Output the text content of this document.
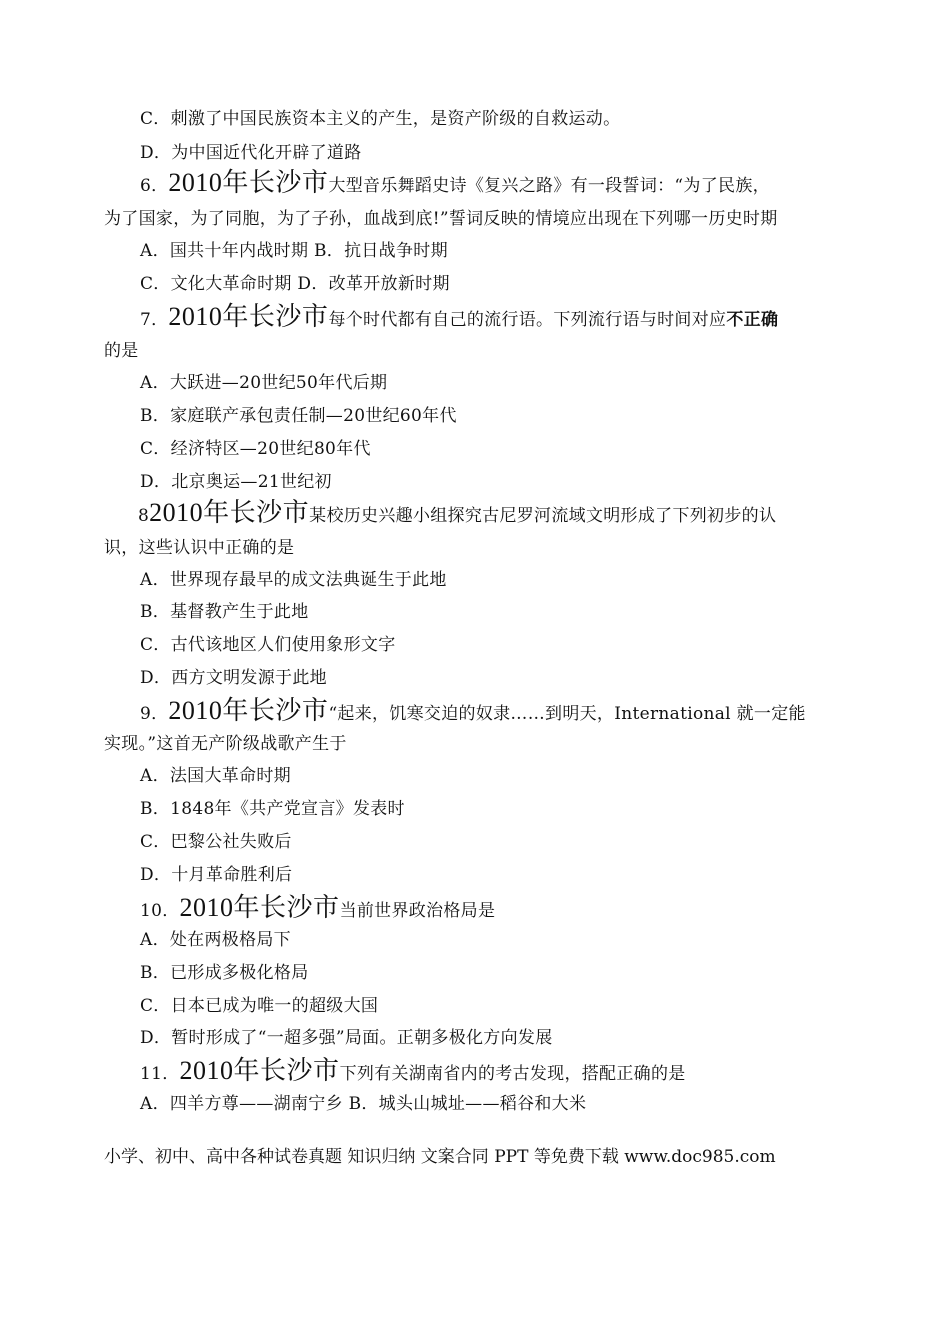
C．刺激了中国民族资本主义的产生，是资产阶级的自救运动。
D．为中国近代化开辟了道路
6．2010年长沙市大型音乐舞蹈史诗《复兴之路》有一段誓词：“为了民族，
为了国家，为了同胞，为了子孙，血战到底!”誓词反映的情境应出现在下列哪一历史时期
A．国共十年内战时期 B．抗日战争时期
C．文化大革命时期 D．改革开放新时期
7．2010年长沙市每个时代都有自己的流行语。下列流行语与时间对应不正确
的是
A．大跃进—20世纪50年代后期
B．家庭联产承包责任制—20世纪60年代
C．经济特区—20世纪80年代
D．北京奥运—21世纪初
82010年长沙市某校历史兴趣小组探究古尼罗河流域文明形成了下列初步的认
识，这些认识中正确的是
A．世界现存最早的成文法典诞生于此地
B．基督教产生于此地
C．古代该地区人们使用象形文字
D．西方文明发源于此地
9．2010年长沙市“起来，饥寒交迫的奴隶……到明天，International 就一定能
实现。”这首无产阶级战歌产生于
A．法国大革命时期
B．1848年《共产党宣言》发表时
C．巴黎公社失败后
D．十月革命胜利后
10．2010年长沙市当前世界政治格局是
A．处在两极格局下
B．已形成多极化格局
C．日本已成为唯一的超级大国
D．暂时形成了“一超多强”局面。正朝多极化方向发展
11．2010年长沙市下列有关湖南省内的考古发现，搭配正确的是
A．四羊方尊——湖南宁乡 B．城头山城址——稻谷和大米
小学、初中、高中各种试卷真题 知识归纳 文案合同 PPT 等免费下载 www.doc985.com
